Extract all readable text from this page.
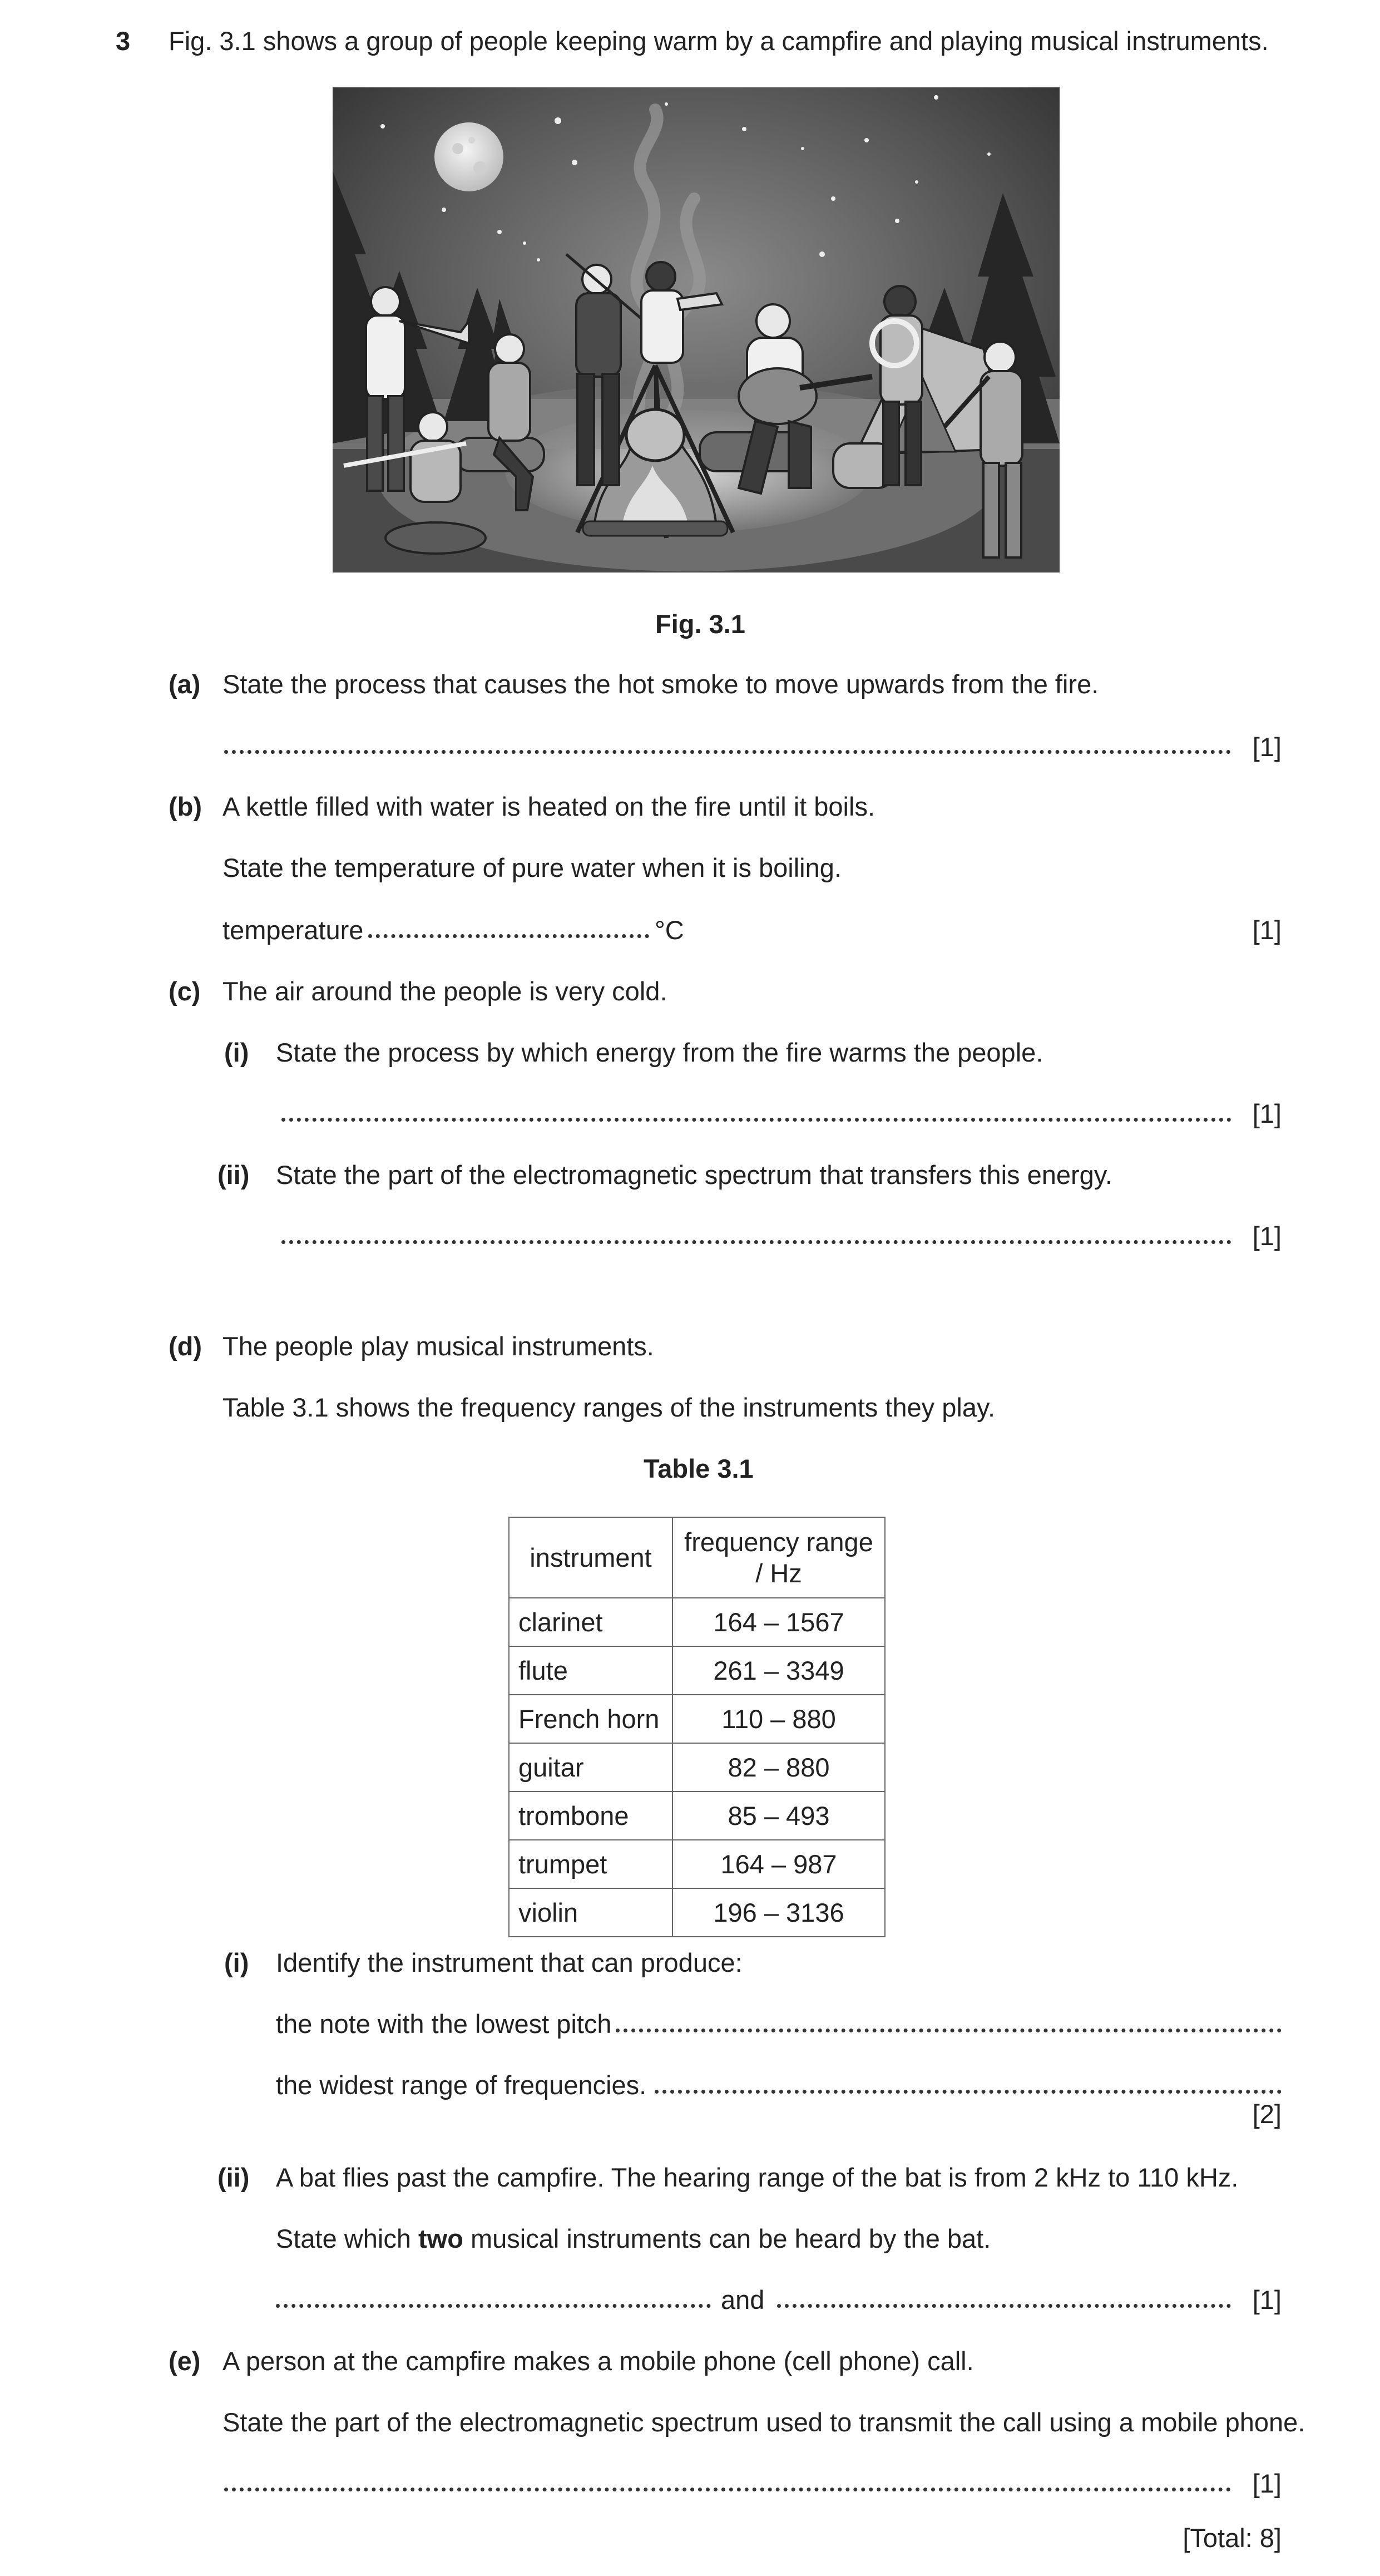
3 Fig. 3.1 shows a group of people keeping warm by a campfire and playing musical instruments.
Fig. 3.1
(a) State the process that causes the hot smoke to move upwards from the fire.
[1]
(b) A kettle filled with water is heated on the fire until it boils.
State the temperature of pure water when it is boiling.
temperature	°C	[1]
(c) The air around the people is very cold.
(i) State the process by which energy from the fire warms the people.
[1]
(ii) State the part of the electromagnetic spectrum that transfers this energy.
[1]
(d) The people play musical instruments.
Table 3.1 shows the frequency ranges of the instruments they play.
Table 3.1
instrument	frequency range
/ Hz
clarinet	164 – 1567
flute	261 – 3349
French horn	110 – 880
guitar	82 – 880
trombone	85 – 493
trumpet	164 – 987
violin	196 – 3136
(i) Identify the instrument that can produce:
the note with the lowest pitch
the widest range of frequencies.
[2]
(ii) A bat flies past the campfire. The hearing range of the bat is from 2 kHz to 110 kHz.
State which two musical instruments can be heard by the bat.
and	[1]
(e) A person at the campfire makes a mobile phone (cell phone) call.
State the part of the electromagnetic spectrum used to transmit the call using a mobile phone.
[1]
[Total: 8]
